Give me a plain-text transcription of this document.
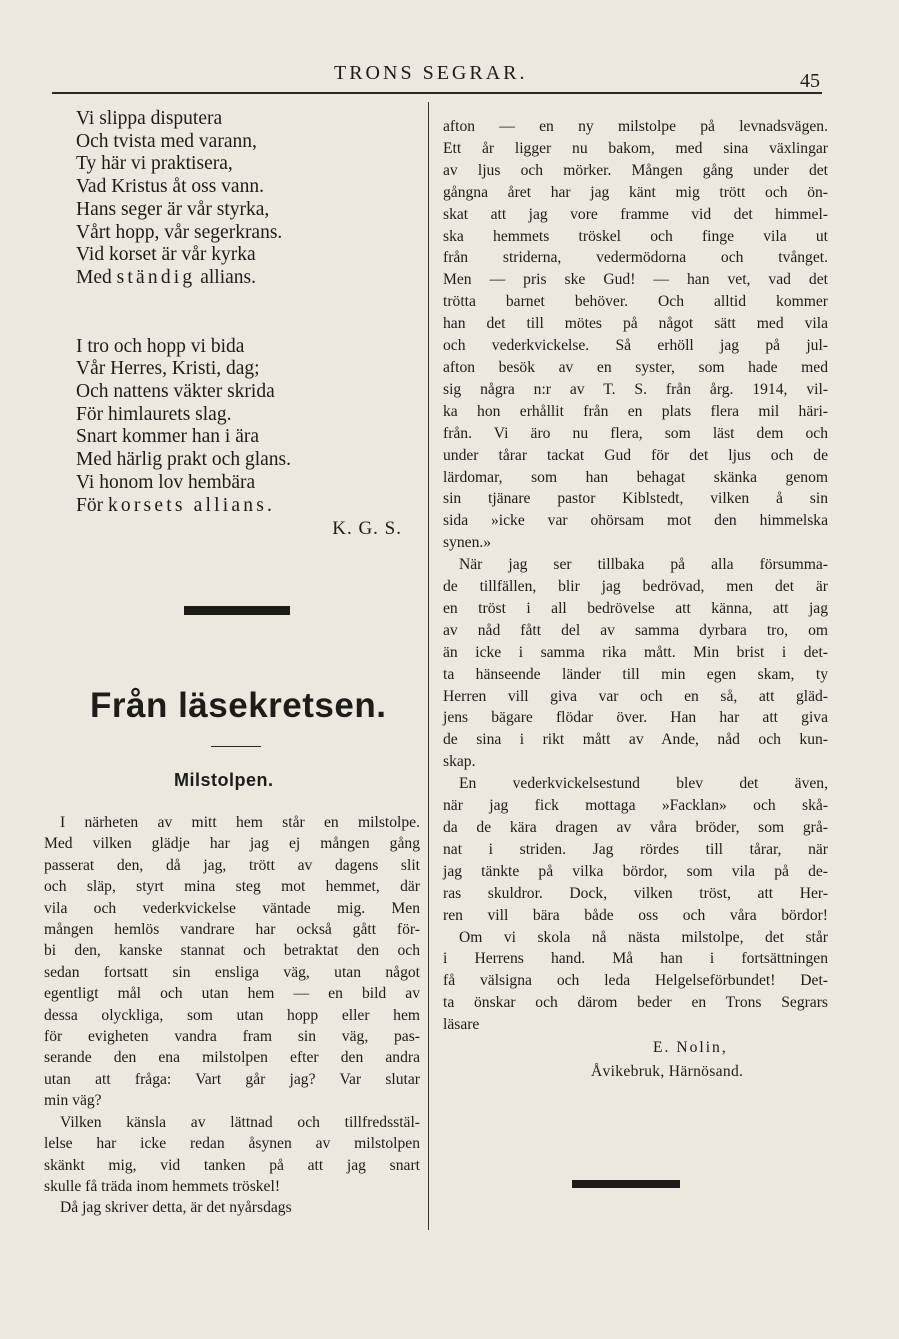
TRONS SEGRAR.	45
Vi slippa disputera
Och tvista med varann,
Ty här vi praktisera,
Vad Kristus åt oss vann.
Hans seger är vår styrka,
Vårt hopp, vår segerkrans.
Vid korset är vår kyrka
Med ständig allians.
I tro och hopp vi bida
Vår Herres, Kristi, dag;
Och nattens väkter skrida
För himlaurets slag.
Snart kommer han i ära
Med härlig prakt och glans.
Vi honom lov hembära
För korsets allians.
K. G. S.
Från läsekretsen.
Milstolpen.
I närheten av mitt hem står en milstolpe.
Med vilken glädje har jag ej mången gång
passerat den, då jag, trött av dagens slit
och släp, styrt mina steg mot hemmet, där
vila och vederkvickelse väntade mig. Men
mången hemlös vandrare har också gått för-
bi den, kanske stannat och betraktat den och
sedan fortsatt sin ensliga väg, utan något
egentligt mål och utan hem — en bild av
dessa olyckliga, som utan hopp eller hem
för evigheten vandra fram sin väg, pas-
serande den ena milstolpen efter den andra
utan att fråga: Vart går jag? Var slutar
min väg?
Vilken känsla av lättnad och tillfredsstäl-
lelse har icke redan åsynen av milstolpen
skänkt mig, vid tanken på att jag snart
skulle få träda inom hemmets tröskel!
Då jag skriver detta, är det nyårsdags
afton — en ny milstolpe på levnadsvägen.
Ett år ligger nu bakom, med sina växlingar
av ljus och mörker. Mången gång under det
gångna året har jag känt mig trött och ön-
skat att jag vore framme vid det himmel-
ska hemmets tröskel och finge vila ut
från striderna, vedermödorna och tvånget.
Men — pris ske Gud! — han vet, vad det
trötta barnet behöver. Och alltid kommer
han det till mötes på något sätt med vila
och vederkvickelse. Så erhöll jag på jul-
afton besök av en syster, som hade med
sig några n:r av T. S. från årg. 1914, vil-
ka hon erhållit från en plats flera mil häri-
från. Vi äro nu flera, som läst dem och
under tårar tackat Gud för det ljus och de
lärdomar, som han behagat skänka genom
sin tjänare pastor Kiblstedt, vilken å sin
sida »icke var ohörsam mot den himmelska
synen.»
När jag ser tillbaka på alla försumma-
de tillfällen, blir jag bedrövad, men det är
en tröst i all bedrövelse att känna, att jag
av nåd fått del av samma dyrbara tro, om
än icke i samma rika mått. Min brist i det-
ta hänseende länder till min egen skam, ty
Herren vill giva var och en så, att gläd-
jens bägare flödar över. Han har att giva
de sina i rikt mått av Ande, nåd och kun-
skap.
En vederkvickelsestund blev det även,
när jag fick mottaga »Facklan» och skå-
da de kära dragen av våra bröder, som grå-
nat i striden. Jag rördes till tårar, när
jag tänkte på vilka bördor, som vila på de-
ras skuldror. Dock, vilken tröst, att Her-
ren vill bära både oss och våra bördor!
Om vi skola nå nästa milstolpe, det står
i Herrens hand. Må han i fortsättningen
få välsigna och leda Helgelseförbundet! Det-
ta önskar och därom beder en Trons Segrars
läsare
E. Nolin,
Åvikebruk, Härnösand.
